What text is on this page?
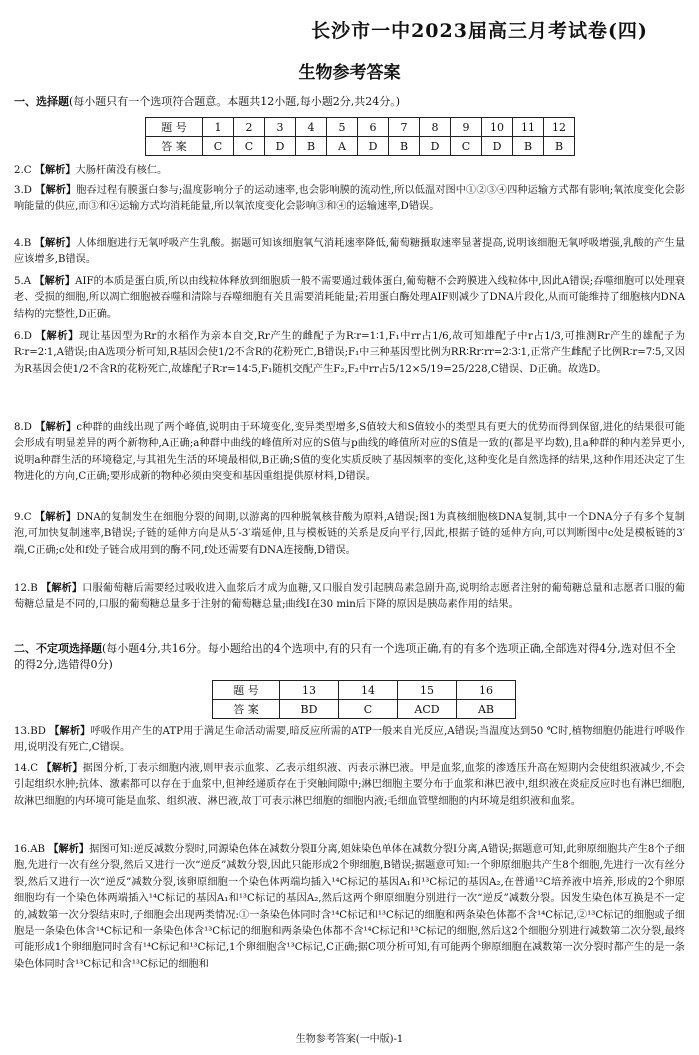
长沙市一中2023届高三月考试卷(四)
生物参考答案
一、选择题(每小题只有一个选项符合题意。本题共12小题,每小题2分,共24分。)
题 号	1	2	3	4	5	6	7	8	9	10	11	12
答 案	C	C	D	B	A	D	B	D	C	D	B	B
2.C 【解析】大肠杆菌没有核仁。
3.D 【解析】胞吞过程有膜蛋白参与;温度影响分子的运动速率,也会影响膜的流动性,所以低温对图中①②③④四种运输方式都有影响;氧浓度变化会影响能量的供应,而③和④运输方式均消耗能量,所以氧浓度变化会影响③和④的运输速率,D错误。
4.B 【解析】人体细胞进行无氧呼吸产生乳酸。据题可知该细胞氧气消耗速率降低,葡萄糖摄取速率显著提高,说明该细胞无氧呼吸增强,乳酸的产生量应该增多,B错误。
5.A 【解析】AIF的本质是蛋白质,所以由线粒体释放到细胞质一般不需要通过载体蛋白,葡萄糖不会跨膜进入线粒体中,因此A错误;吞噬细胞可以处理衰老、受损的细胞,所以凋亡细胞被吞噬和清除与吞噬细胞有关且需要消耗能量;若用蛋白酶处理AIF则减少了DNA片段化,从而可能维持了细胞核内DNA结构的完整性,D正确。
6.D 【解析】现让基因型为Rr的水稻作为亲本自交,Rr产生的雌配子为R∶r=1∶1,F₁中rr占1/6,故可知雄配子中r占1/3,可推测Rr产生的雄配子为R∶r=2∶1,A错误;由A选项分析可知,R基因会使1/2不含R的花粉死亡,B错误;F₁中三种基因型比例为RR∶Rr∶rr=2∶3∶1,正常产生雌配子比例R∶r=7∶5,又因为R基因会使1/2不含R的花粉死亡,故雄配子R∶r=14∶5,F₁随机交配产生F₂,F₂中rr占5/12×5/19=25/228,C错误、D正确。故选D。
8.D 【解析】c种群的曲线出现了两个峰值,说明由于环境变化,变异类型增多,S值较大和S值较小的类型具有更大的优势而得到保留,进化的结果很可能会形成有明显差异的两个新物种,A正确;a种群中曲线的峰值所对应的S值与p曲线的峰值所对应的S值是一致的(都是平均数),且a种群的种内差异更小,说明a种群生活的环境稳定,与其祖先生活的环境最相似,B正确;S值的变化实质反映了基因频率的变化,这种变化是自然选择的结果,这种作用还决定了生物进化的方向,C正确;要形成新的物种必须由突变和基因重组提供原材料,D错误。
9.C 【解析】DNA的复制发生在细胞分裂的间期,以游离的四种脱氧核苷酸为原料,A错误;图1为真核细胞核DNA复制,其中一个DNA分子有多个复制泡,可加快复制速率,B错误;子链的延伸方向是从5′-3′端延伸,且与模板链的关系是反向平行,因此,根据子链的延伸方向,可以判断图中c处是模板链的3′端,C正确;c处和f处子链合成用到的酶不同,f处还需要有DNA连接酶,D错误。
12.B 【解析】口服葡萄糖后需要经过吸收进入血浆后才成为血糖,又口服自发引起胰岛素急剧升高,说明给志愿者注射的葡萄糖总量和志愿者口服的葡萄糖总量是不同的,口服的葡萄糖总量多于注射的葡萄糖总量;曲线Ⅰ在30 min后下降的原因是胰岛素作用的结果。
二、不定项选择题(每小题4分,共16分。每小题给出的4个选项中,有的只有一个选项正确,有的有多个选项正确,全部选对得4分,选对但不全的得2分,选错得0分)
题 号	13	14	15	16
答 案	BD	C	ACD	AB
13.BD 【解析】呼吸作用产生的ATP用于满足生命活动需要,暗反应所需的ATP一般来自光反应,A错误;当温度达到50 ℃时,植物细胞仍能进行呼吸作用,说明没有死亡,C错误。
14.C 【解析】据图分析,丁表示细胞内液,则甲表示血浆、乙表示组织液、丙表示淋巴液。甲是血浆,血浆的渗透压升高在短期内会使组织液减少,不会引起组织水肿;抗体、激素都可以存在于血浆中,但神经递质存在于突触间隙中;淋巴细胞主要分布于血浆和淋巴液中,组织液在炎症反应时也有淋巴细胞,故淋巴细胞的内环境可能是血浆、组织液、淋巴液,故丁可表示淋巴细胞的细胞内液;毛细血管壁细胞的内环境是组织液和血浆。
16.AB 【解析】据图可知:逆反减数分裂时,同源染色体在减数分裂Ⅱ分离,姐妹染色单体在减数分裂Ⅰ分离,A错误;据题意可知,此卵原细胞共产生8个子细胞,先进行一次有丝分裂,然后又进行一次“逆反”减数分裂,因此只能形成2个卵细胞,B错误;据题意可知:一个卵原细胞共产生8个细胞,先进行一次有丝分裂,然后又进行一次“逆反”减数分裂,该卵原细胞一个染色体两端均插入¹⁴C标记的基因A₁和¹³C标记的基因A₂,在普通¹²C培养液中培养,形成的2个卵原细胞均有一个染色体两端插入¹⁴C标记的基因A₁和¹³C标记的基因A₂,然后这两个卵原细胞分别进行一次“逆反”减数分裂。因发生染色体互换是不一定的,减数第一次分裂结束时,子细胞会出现两类情况:①一条染色体同时含¹⁴C标记和¹³C标记的细胞和两条染色体都不含¹⁴C标记,②¹³C标记的细胞或子细胞是一条染色体含¹⁴C标记和一条染色体含¹³C标记的细胞和两条染色体都不含¹⁴C标记和¹³C标记的细胞,然后这2个细胞分别进行减数第二次分裂,最终可能形成1个卵细胞同时含有¹⁴C标记和¹³C标记,1个卵细胞含¹³C标记,C正确;据C项分析可知,有可能两个卵原细胞在减数第一次分裂时都产生的是一条染色体同时含¹³C标记和含¹³C标记的细胞和
生物参考答案(一中版)-1
